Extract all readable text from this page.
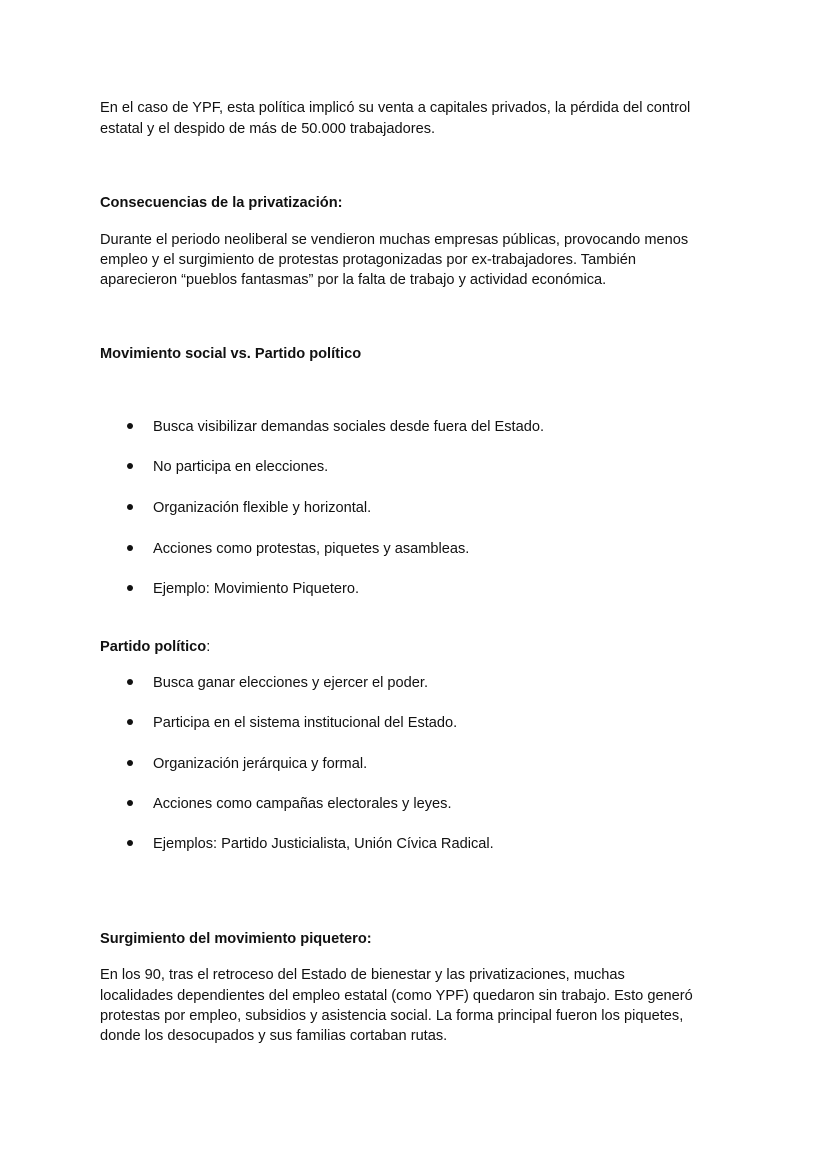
En el caso de YPF, esta política implicó su venta a capitales privados, la pérdida del control
estatal y el despido de más de 50.000 trabajadores.
Consecuencias de la privatización:
Durante el periodo neoliberal se vendieron muchas empresas públicas, provocando menos
empleo y el surgimiento de protestas protagonizadas por ex-trabajadores. También
aparecieron “pueblos fantasmas” por la falta de trabajo y actividad económica.
Movimiento social vs. Partido político
Busca visibilizar demandas sociales desde fuera del Estado.
No participa en elecciones.
Organización flexible y horizontal.
Acciones como protestas, piquetes y asambleas.
Ejemplo: Movimiento Piquetero.
Partido político:
Busca ganar elecciones y ejercer el poder.
Participa en el sistema institucional del Estado.
Organización jerárquica y formal.
Acciones como campañas electorales y leyes.
Ejemplos: Partido Justicialista, Unión Cívica Radical.
Surgimiento del movimiento piquetero:
En los 90, tras el retroceso del Estado de bienestar y las privatizaciones, muchas
localidades dependientes del empleo estatal (como YPF) quedaron sin trabajo. Esto generó
protestas por empleo, subsidios y asistencia social. La forma principal fueron los piquetes,
donde los desocupados y sus familias cortaban rutas.
